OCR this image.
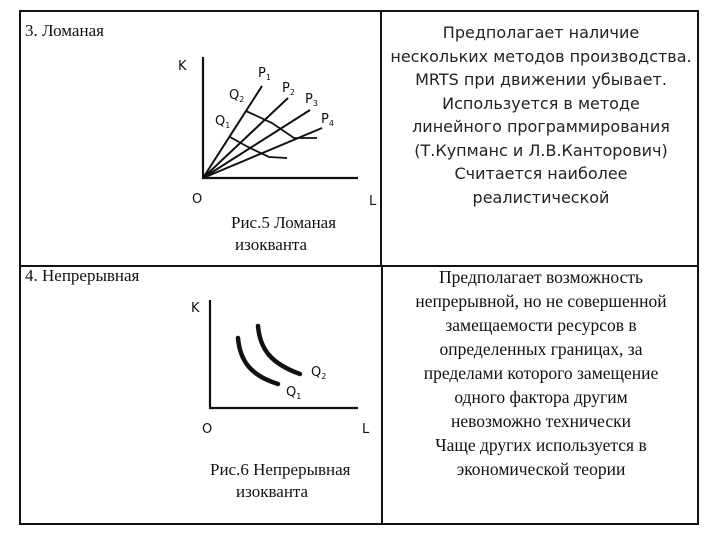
3. Ломаная
K
L
O
$P_1$
$P_2$ $P_3$
$P_4$
$Q_2$
$Q_1$
Рис.5 Ломаная
изокванта
Предполагает наличие
нескольких методов производства.
MRTS при движении убывает.
Используется в методе
линейного программирования
(Т.Купманс и Л.В.Канторович)
Считается наиболее
реалистической
4. Непрерывная
K
L
O
$Q_2$
$Q_1$
Рис.6 Непрерывная
изокванта
Предполагает возможность
непрерывной, но не совершенной
замещаемости ресурсов в
определенных границах, за
пределами которого замещение
одного фактора другим
невозможно технически
Чаще других используется в
экономической теории
